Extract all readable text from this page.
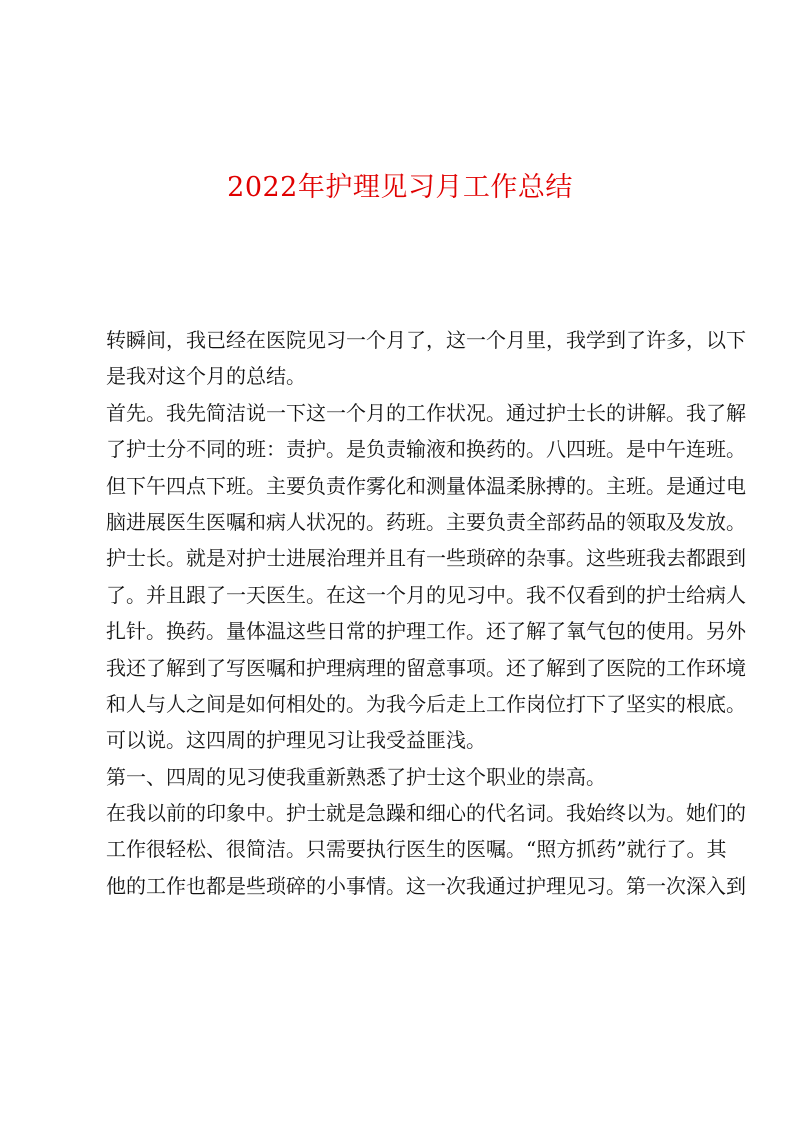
2022年护理见习月工作总结
转瞬间，我已经在医院见习一个月了，这一个月里，我学到了许多，以下
是我对这个月的总结。
首先。我先简洁说一下这一个月的工作状况。通过护士长的讲解。我了解
了护士分不同的班：责护。是负责输液和换药的。八四班。是中午连班。
但下午四点下班。主要负责作雾化和测量体温柔脉搏的。主班。是通过电
脑进展医生医嘱和病人状况的。药班。主要负责全部药品的领取及发放。
护士长。就是对护士进展治理并且有一些琐碎的杂事。这些班我去都跟到
了。并且跟了一天医生。在这一个月的见习中。我不仅看到的护士给病人
扎针。换药。量体温这些日常的护理工作。还了解了氧气包的使用。另外
我还了解到了写医嘱和护理病理的留意事项。还了解到了医院的工作环境
和人与人之间是如何相处的。为我今后走上工作岗位打下了坚实的根底。
可以说。这四周的护理见习让我受益匪浅。
第一、四周的见习使我重新熟悉了护士这个职业的崇高。
在我以前的印象中。护士就是急躁和细心的代名词。我始终以为。她们的
工作很轻松、很简洁。只需要执行医生的医嘱。“照方抓药”就行了。其
他的工作也都是些琐碎的小事情。这一次我通过护理见习。第一次深入到
